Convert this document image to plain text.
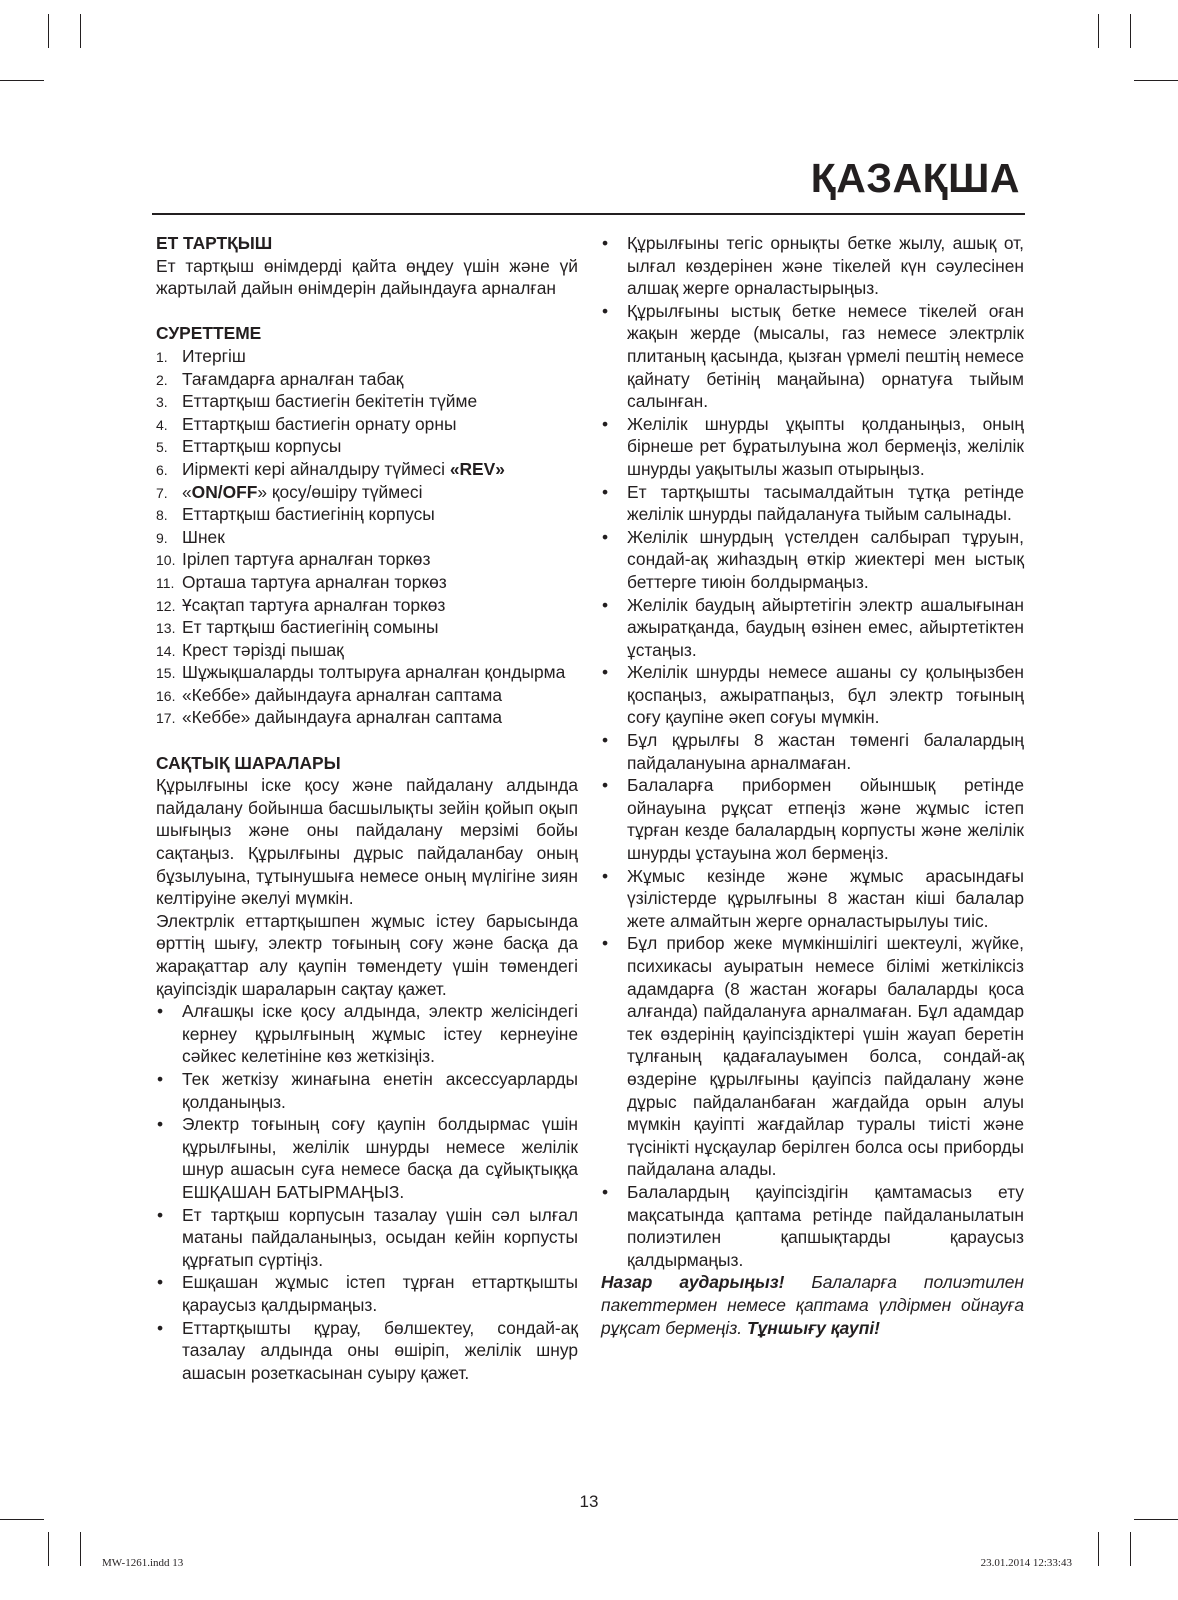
ҚАЗАҚША
ЕТ ТАРТҚЫШ

Ет тартқыш өнімдерді қайта өңдеу үшін және үй жартылай дайын өнімдерін дайындауға арналған

СУРЕТТЕМЕ
1. Итергіш
2. Тағамдарға арналған табақ
3. Еттартқыш бастиегін бекітетін түйме
4. Еттартқыш бастиегін орнату орны
5. Еттартқыш корпусы
6. Иірмекті кері айналдыру түймесі «REV»
7. «ON/OFF» қосу/өшіру түймесі
8. Еттартқыш бастиегінің корпусы
9. Шнек
10. Ірілеп тартуға арналған торкөз
11. Орташа тартуға арналған торкөз
12. Ұсақтап тартуға арналған торкөз
13. Ет тартқыш бастиегінің сомыны
14. Крест тәрізді пышақ
15. Шұжықшаларды толтыруға арналған қондырма
16. «Кеббе» дайындауға арналған саптама
17. «Кеббе» дайындауға арналған саптама
САҚТЫҚ ШАРАЛАРЫ

Құрылғыны іске қосу және пайдалану алдында пайдалану бойынша басшылықты зейін қойып оқып шығыңыз және оны пайдалану мерзімі бойы сақтаңыз. Құрылғыны дұрыс пайдаланбау оның бұзылуына, тұтынушыға немесе оның мүлігіне зиян келтіруіне әкелуі мүмкін.

Электрлік еттартқышпен жұмыс істеу барысында өрттің шығу, электр тоғының соғу және басқа да жарақаттар алу қаупін төмендету үшін төмендегі қауіпсіздік шараларын сақтау қажет.

• Алғашқы іске қосу алдында, электр желісіндегі кернеу құрылғының жұмыс істеу кернеуіне сәйкес келетініне көз жеткізіңіз.
• Тек жеткізу жинағына енетін аксессуарларды қолданыңыз.
• Электр тоғының соғу қаупін болдырмас үшін құрылғыны, желілік шнурды немесе желілік шнур ашасын суға немесе басқа да сұйықтыққа ЕШҚАШАН БАТЫРМАҢЫЗ.
• Ет тартқыш корпусын тазалау үшін сәл ылғал матаны пайдаланыңыз, осыдан кейін корпусты құрғатып сүртіңіз.
• Ешқашан жұмыс істеп тұрған еттартқышты қараусыз қалдырмаңыз.
• Еттартқышты құрау, бөлшектеу, сондай-ақ тазалау алдында оны өшіріп, желілік шнур ашасын розеткасынан суыру қажет.
• Құрылғыны тегіс орнықты бетке жылу, ашық от, ылғал көздерінен және тікелей күн сәулесінен алшақ жерге орналастырыңыз.
• Құрылғыны ыстық бетке немесе тікелей оған жақын жерде (мысалы, газ немесе электрлік плитаның қасында, қызған үрмелі пештің немесе қайнату бетінің маңайына) орнатуға тыйым салынған.
• Желілік шнурды ұқыпты қолданыңыз, оның бірнеше рет бұратылуына жол бермеңіз, желілік шнурды уақытылы жазып отырыңыз.
• Ет тартқышты тасымалдайтын тұтқа ретінде желілік шнурды пайдалануға тыйым салынады.
• Желілік шнурдың үстелден салбырап тұруын, сондай-ақ жиһаздың өткір жиектері мен ыстық беттерге тиюін болдырмаңыз.
• Желілік баудың айыртетігін электр ашалығынан ажыратқанда, баудың өзінен емес, айыртетіктен ұстаңыз.
• Желілік шнурды немесе ашаны су қолыңызбен қоспаңыз, ажыратпаңыз, бұл электр тоғының соғу қаупіне әкеп соғуы мүмкін.
• Бұл құрылғы 8 жастан төменгі балалардың пайдалануына арналмаған.
• Балаларға прибормен ойыншық ретінде ойнауына рұқсат етпеңіз және жұмыс істеп тұрған кезде балалардың корпусты және желілік шнурды ұстауына жол бермеңіз.
• Жұмыс кезінде және жұмыс арасындағы үзілістерде құрылғыны 8 жастан кіші балалар жете алмайтын жерге орналастырылуы тиіс.
• Бұл прибор жеке мүмкіншілігі шектеулі, жүйке, психикасы ауыратын немесе білімі жеткіліксіз адамдарға (8 жастан жоғары балаларды қоса алғанда) пайдалануға арналмаған. Бұл адамдар тек өздерінің қауіпсіздіктері үшін жауап беретін тұлғаның қадағалауымен болса, сондай-ақ өздеріне құрылғыны қауіпсіз пайдалану және дұрыс пайдаланбаған жағдайда орын алуы мүмкін қауіпті жағдайлар туралы тиісті және түсінікті нұсқаулар берілген болса осы приборды пайдалана алады.
• Балалардың қауіпсіздігін қамтамасыз ету мақсатында қаптама ретінде пайдаланылатын полиэтилен қапшықтарды қараусыз қалдырмаңыз.

Назар аударыңыз! Балаларға полиэтилен пакеттермен немесе қаптама үлдірмен ойнауға рұқсат бермеңіз. Тұншығу қаупі!

13
MW-1261.indd 13	23.01.2014 12:33:43
